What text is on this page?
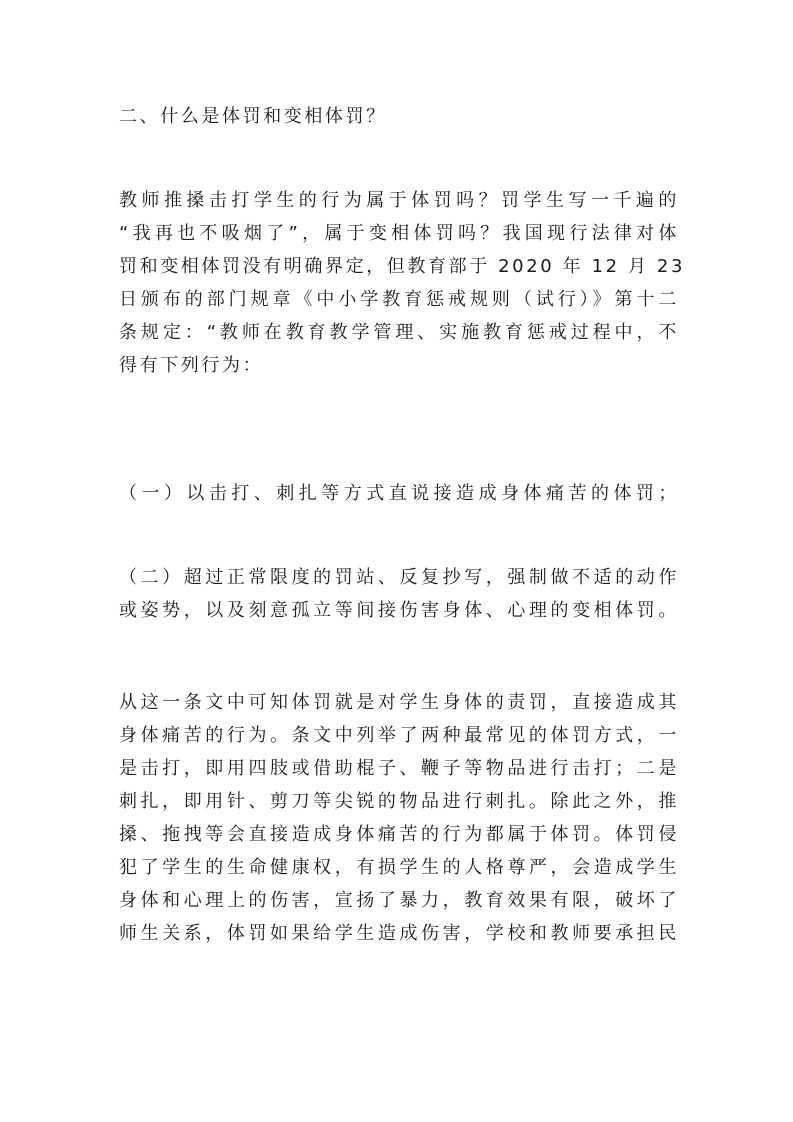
二、什么是体罚和变相体罚？
教师推搡击打学生的行为属于体罚吗？罚学生写一千遍的
“我再也不吸烟了”，属于变相体罚吗？我国现行法律对体
罚和变相体罚没有明确界定，但教育部于 2020 年 12 月 23
日颁布的部门规章《中小学教育惩戒规则（试行）》第十二
条规定：“教师在教育教学管理、实施教育惩戒过程中，不
得有下列行为：
（一）以击打、刺扎等方式直说接造成身体痛苦的体罚；
（二）超过正常限度的罚站、反复抄写，强制做不适的动作
或姿势，以及刻意孤立等间接伤害身体、心理的变相体罚。
从这一条文中可知体罚就是对学生身体的责罚，直接造成其
身体痛苦的行为。条文中列举了两种最常见的体罚方式，一
是击打，即用四肢或借助棍子、鞭子等物品进行击打；二是
刺扎，即用针、剪刀等尖锐的物品进行刺扎。除此之外，推
搡、拖拽等会直接造成身体痛苦的行为都属于体罚。体罚侵
犯了学生的生命健康权，有损学生的人格尊严，会造成学生
身体和心理上的伤害，宣扬了暴力，教育效果有限，破坏了
师生关系，体罚如果给学生造成伤害，学校和教师要承担民
